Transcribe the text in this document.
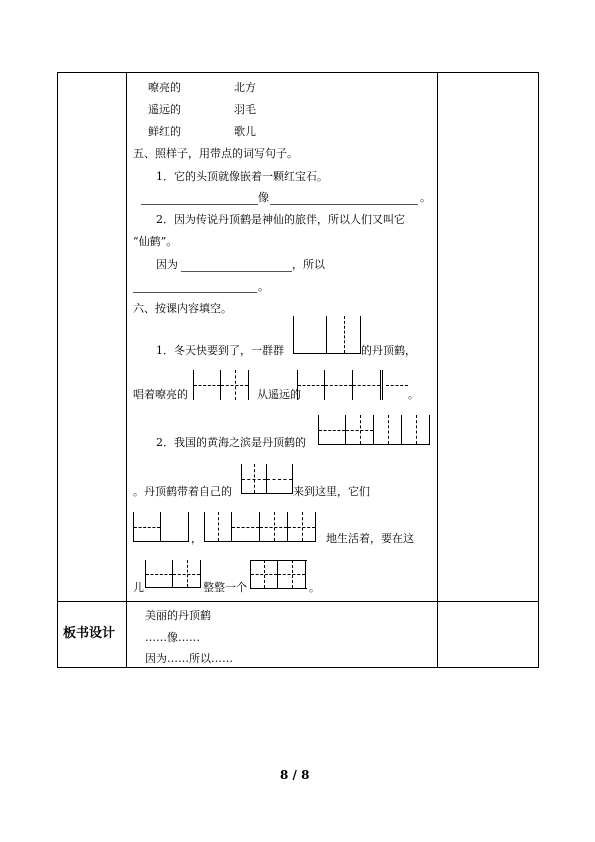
嘹亮的	北方
遥远的	羽毛
鲜红的	歌儿
五、照样子，用带点的词写句子。
1．它的头顶就像嵌着一颗红宝石。
像	。
2．因为传说丹顶鹤是神仙的旅伴，所以人们又叫它
“仙鹤”。
因为	，所以
。
六、按课内容填空。
1．冬天快要到了，一群群	的丹顶鹤，
唱着嘹亮的	从遥远的	。
2．我国的黄海之滨是丹顶鹤的
。丹顶鹤带着自己的	来到这里，它们
，	地生活着，要在这
儿	整整一个	。
板书设计
美丽的丹顶鹤
……像……
因为……所以……
8 / 8
